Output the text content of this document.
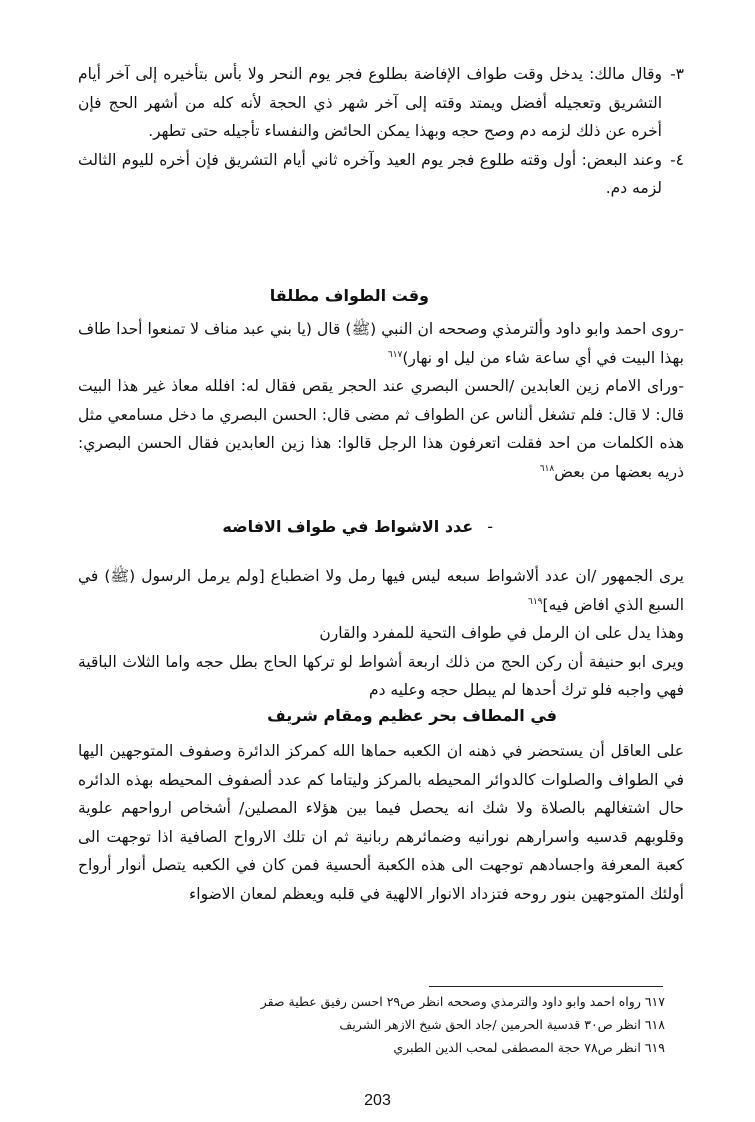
٣-
وقال مالك: يدخل وقت طواف الإفاضة بطلوع فجر يوم النحر ولا بأس بتأخيره إلى آخر أيام التشريق وتعجيله أفضل ويمتد وقته إلى آخر شهر ذي الحجة لأنه كله من أشهر الحج فإن أخره عن ذلك لزمه دم وصح حجه وبهذا يمكن الحائض والنفساء تأجيله حتى تطهر.
٤-
وعند البعض: أول وقته طلوع فجر يوم العيد وآخره ثاني أيام التشريق فإن أخره لليوم الثالث لزمه دم.
وقت الطواف مطلقا

-روى احمد وابو داود وألترمذي وصححه ان النبي (ﷺ) قال (يا بني عبد مناف لا تمنعوا أحدا طاف بهذا البيت في أي ساعة شاء من ليل او نهار)$^{٦١٧}$

-وراى الامام زين العابدين /الحسن البصري عند الحجر يقص فقال له: افلله معاذ غير هذا البيت قال: لا قال: فلم تشغل ألناس عن الطواف ثم مضى قال: الحسن البصري ما دخل مسامعي مثل هذه الكلمات من احد فقلت اتعرفون هذا الرجل قالوا: هذا زين العابدين فقال الحسن البصري: ذريه بعضها من بعض$^{٦١٨}$

-عدد الاشواط في طواف الافاضه

يرى الجمهور /ان عدد ألاشواط سبعه ليس فيها رمل ولا اضطباع [ولم يرمل الرسول (ﷺ) في السبع الذي افاض فيه]$^{٦١٩}$

وهذا يدل على ان الرمل في طواف التحية للمفرد والقارن

ويرى ابو حنيفة أن ركن الحج من ذلك اربعة أشواط لو تركها الحاج بطل حجه واما الثلاث الباقية فهي واجبه فلو ترك أحدها لم يبطل حجه وعليه دم

في المطاف بحر عظيم ومقام شريف

على العاقل أن يستحضر في ذهنه ان الكعبه حماها الله كمركز الدائرة وصفوف المتوجهين اليها في الطواف والصلوات كالدوائر المحيطه بالمركز وليتاما كم عدد ألصفوف المحيطه بهذه الدائره حال اشتغالهم بالصلاة ولا شك انه يحصل فيما بين هؤلاء المصلين/ أشخاص ارواحهم علوية وقلوبهم قدسيه واسرارهم نورانيه وضمائرهم ربانية ثم ان تلك الارواح الصافية اذا توجهت الى كعبة المعرفة واجسادهم توجهت الى هذه الكعبة ألحسية فمن كان في الكعبه يتصل أنوار أرواح أولئك المتوجهين بنور روحه فتزداد الانوار الالهية في قلبه ويعظم لمعان الاضواء

٦١٧ رواه احمد وابو داود والترمذي وصححه انظر ص٢٩ احسن رفيق عطية صقر
٦١٨ انظر ص٣٠ قدسية الحرمين /جاد الحق شيخ الازهر الشريف
٦١٩ انظر ص٧٨ حجة المصطفى لمحب الدين الطبري
203
